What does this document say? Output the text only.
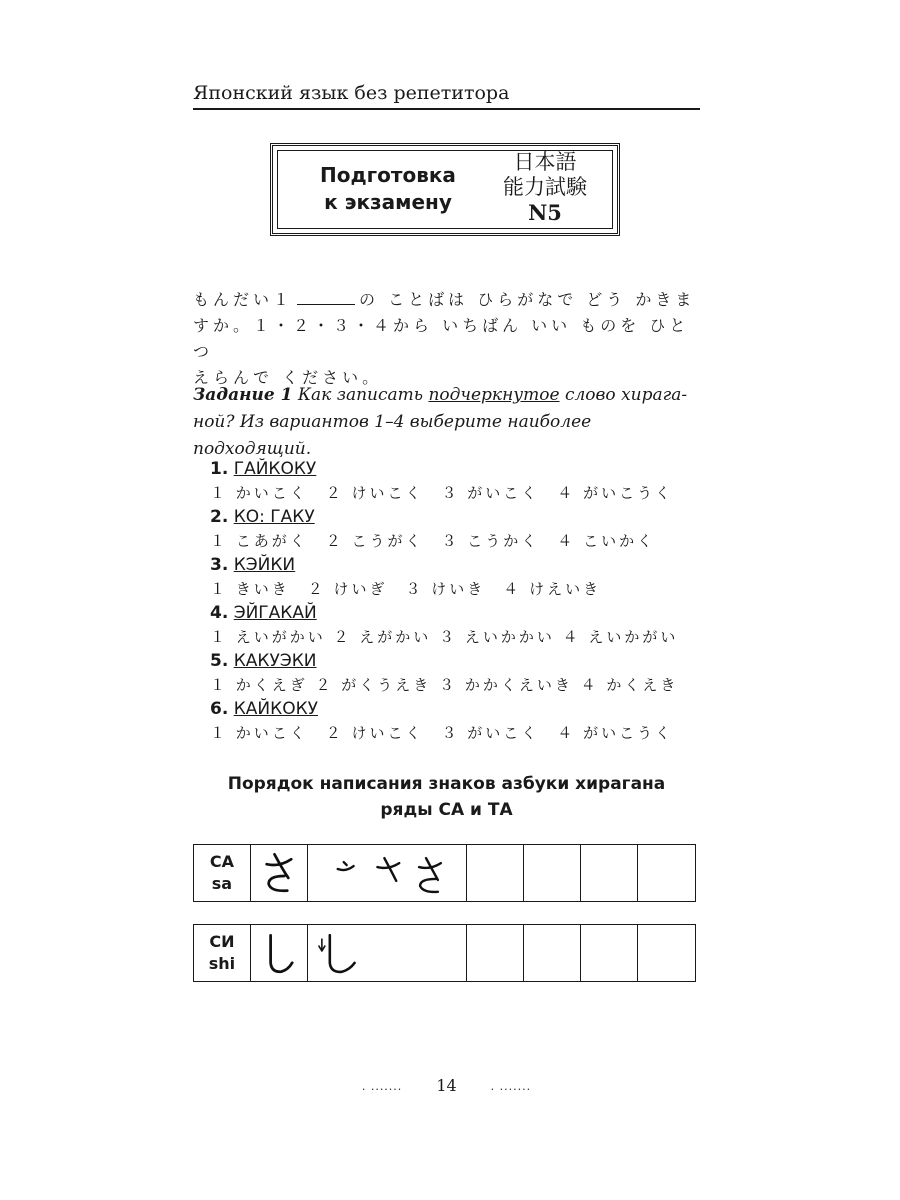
Японский язык без репетитора
Подготовка
к экзамену
日本語
能力試験
N5
もんだい１	の ことばは ひらがなで どう かきま
すか。１・２・３・４から いちばん いい ものを ひとつ
えらんで ください。
Задание 1 Как записать подчеркнутое слово хирага-
ной? Из вариантов 1–4 выберите наиболее подходящий.
1. ГАЙКОКУ
１ かいこく　２ けいこく　３ がいこく　４ がいこうく
2. КО: ГАКУ
１ こあがく　２ こうがく　３ こうかく　４ こいかく
3. КЭЙКИ
１ きいき　２ けいぎ　３ けいき　４ けえいき
4. ЭЙГАКАЙ
１ えいがかい ２ えがかい ３ えいかかい ４ えいかがい
5. КАКУЭКИ
１ かくえぎ ２ がくうえき ３ かかくえいき ４ かくえき
6. КАЙКОКУ
１ かいこく　２ けいこく　３ がいこく　４ がいこうく
Порядок написания знаков азбуки хирагана
ряды СА и ТА
СА
sa
СИ
shi
. ....... 14	. .......
